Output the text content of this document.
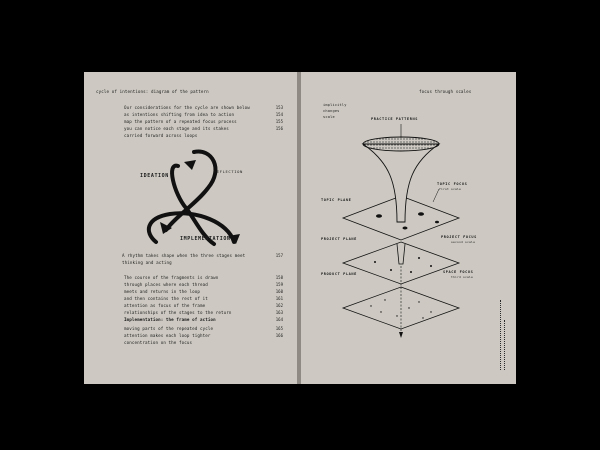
cycle of intentions: diagram of the pattern
Our considerations for the cycle are shown below	153
as intentions shifting from idea to action	154
map the pattern of a repeated focus process	155
you can notice each stage and its stakes	156
carried forward across loops
IDEATION
REFLECTION
IMPLEMENTATION
A rhythm takes shape when the three stages meet	157
thinking and acting
The course of the fragments is drawn	158
through places where each thread	159
meets and returns in the loop	160
and then contains the rest of it	161
attention as focus of the frame	162
relationships of the stages to the return	163
Implementation: the frame of action	164
moving parts of the repeated cycle	165
attention makes each loop tighter	166
concentration on the focus
focus through scales
implicitly
changes
scale	PRACTICE PATTERNS
TOPIC FOCUS
first scale
TOPIC PLANE
PROJECT FOCUS
second scale
PROJECT PLANE
SPACE FOCUS
third scale
PRODUCT PLANE
